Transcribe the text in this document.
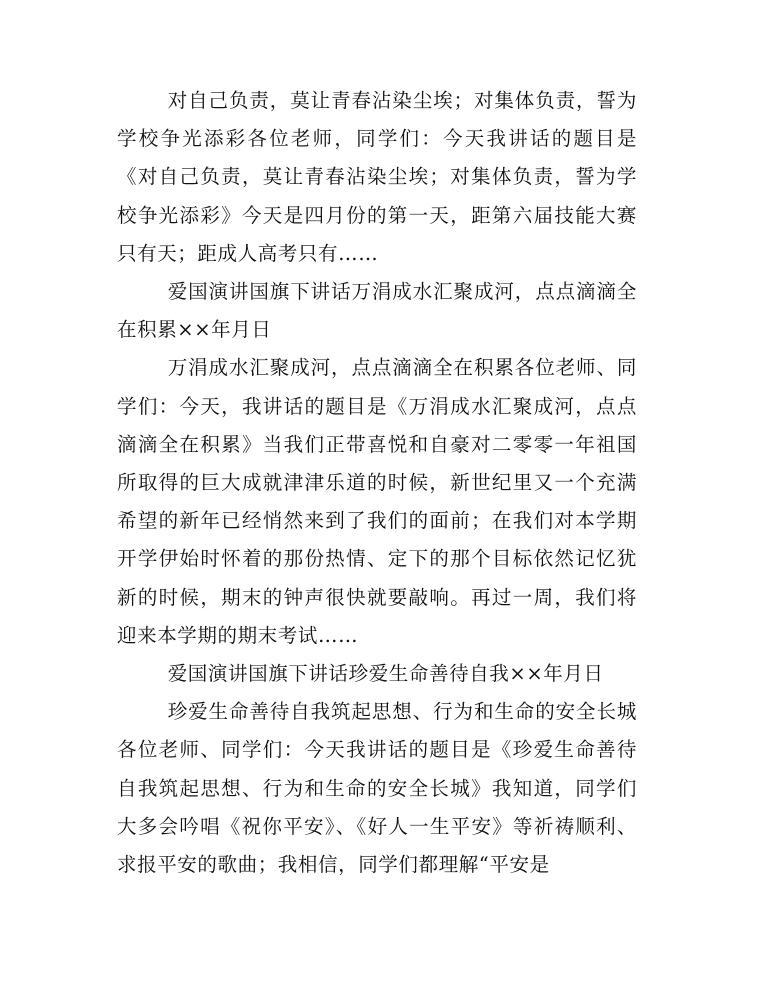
对自己负责，莫让青春沾染尘埃；对集体负责，誓为学校争光添彩各位老师，同学们：今天我讲话的题目是《对自己负责，莫让青春沾染尘埃；对集体负责，誓为学校争光添彩》今天是四月份的第一天，距第六届技能大赛只有天；距成人高考只有……

爱国演讲国旗下讲话万涓成水汇聚成河，点点滴滴全在积累××年月日

万涓成水汇聚成河，点点滴滴全在积累各位老师、同学们：今天，我讲话的题目是《万涓成水汇聚成河，点点滴滴全在积累》当我们正带喜悦和自豪对二零零一年祖国所取得的巨大成就津津乐道的时候，新世纪里又一个充满希望的新年已经悄然来到了我们的面前；在我们对本学期开学伊始时怀着的那份热情、定下的那个目标依然记忆犹新的时候，期末的钟声很快就要敲响。再过一周，我们将迎来本学期的期末考试……

爱国演讲国旗下讲话珍爱生命善待自我××年月日

珍爱生命善待自我筑起思想、行为和生命的安全长城各位老师、同学们：今天我讲话的题目是《珍爱生命善待自我筑起思想、行为和生命的安全长城》我知道，同学们大多会吟唱《祝你平安》、《好人一生平安》等祈祷顺利、求报平安的歌曲；我相信，同学们都理解“平安是
